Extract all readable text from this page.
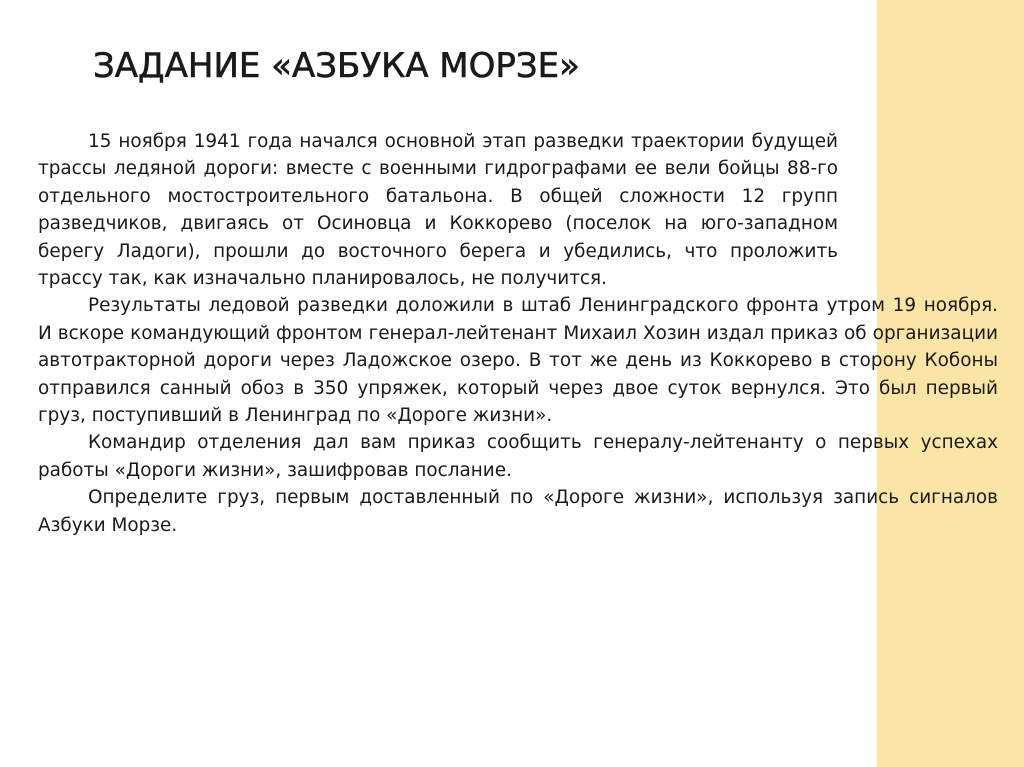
ЗАДАНИЕ «АЗБУКА МОРЗЕ»

15 ноября 1941 года начался основной этап разведки траектории будущей трассы ледяной дороги: вместе с военными гидрографами ее вели бойцы 88-го отдельного мостостроительного батальона. В общей сложности 12 групп разведчиков, двигаясь от Осиновца и Коккорево (поселок на юго-западном берегу Ладоги), прошли до восточного берега и убедились, что проложить трассу так, как изначально планировалось, не получится.

Результаты ледовой разведки доложили в штаб Ленинградского фронта утром 19 ноября. И вскоре командующий фронтом генерал-лейтенант Михаил Хозин издал приказ об организации автотракторной дороги через Ладожское озеро. В тот же день из Коккорево в сторону Кобоны отправился санный обоз в 350 упряжек, который через двое суток вернулся. Это был первый груз, поступивший в Ленинград по «Дороге жизни».

Командир отделения дал вам приказ сообщить генералу-лейтенанту о первых успехах работы «Дороги жизни», зашифровав послание.

Определите груз, первым доставленный по «Дороге жизни», используя запись сигналов Азбуки Морзе.
